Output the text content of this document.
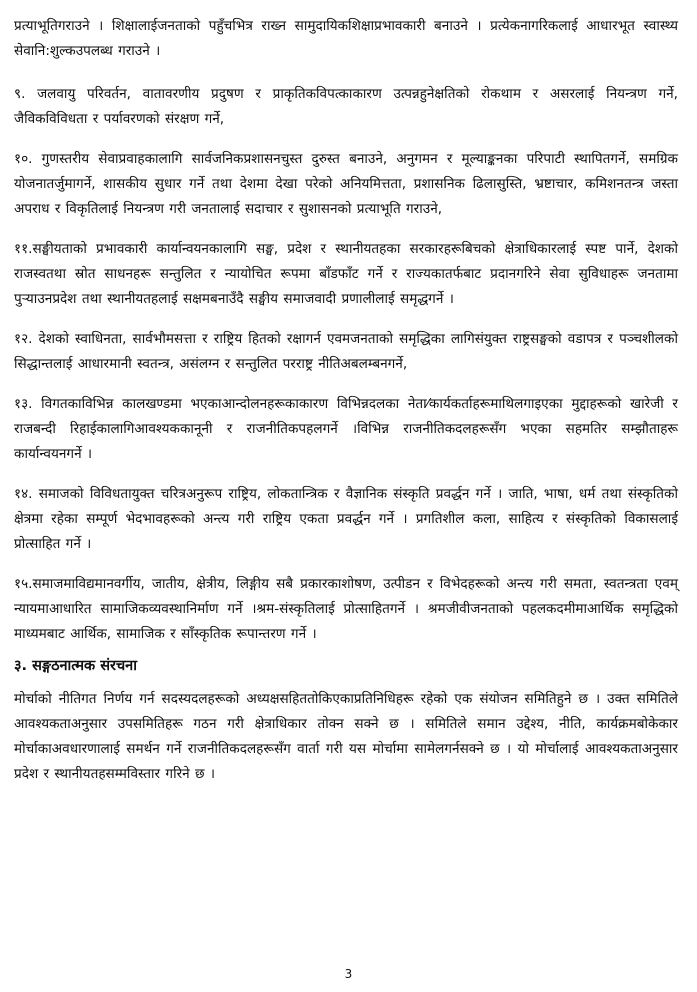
प्रत्याभूतिगराउने । शिक्षालाईजनताको पहुँचभित्र राख्न सामुदायिकशिक्षाप्रभावकारी बनाउने । प्रत्येकनागरिकलाई आधारभूत स्वास्थ्य सेवानि:शुल्कउपलब्ध गराउने ।

९. जलवायु परिवर्तन, वातावरणीय प्रदुषण र प्राकृतिकविपत्काकारण उत्पन्नहुनेक्षतिको रोकथाम र असरलाई नियन्त्रण गर्ने, जैविकविविधता र पर्यावरणको संरक्षण गर्ने,

१०. गुणस्तरीय सेवाप्रवाहकालागि सार्वजनिकप्रशासनचुस्त दुरुस्त बनाउने, अनुगमन र मूल्याङ्कनका परिपाटी स्थापितगर्ने, समग्रिक योजनातर्जुमागर्ने, शासकीय सुधार गर्ने तथा देशमा देखा परेको अनियमित्तता, प्रशासनिक ढिलासुस्ति, भ्रष्टाचार, कमिशनतन्त्र जस्ता अपराध र विकृतिलाई नियन्त्रण गरी जनतालाई सदाचार र सुशासनको प्रत्याभूति गराउने,

११.सङ्घीयताको प्रभावकारी कार्यान्वयनकालागि सङ्घ, प्रदेश र स्थानीयतहका सरकारहरूबिचको क्षेत्राधिकारलाई स्पष्ट पार्ने, देशको राजस्वतथा स्रोत साधनहरू सन्तुलित र न्यायोचित रूपमा बाँडफाँट गर्ने र राज्यकातर्फबाट प्रदानगरिने सेवा सुविधाहरू जनतामा पुर्‍याउनप्रदेश तथा स्थानीयतहलाई सक्षमबनाउँदै सङ्घीय समाजवादी प्रणालीलाई समृद्धगर्ने ।

१२. देशको स्वाधिनता, सार्वभौमसत्ता र राष्ट्रिय हितको रक्षागर्न एवमजनताको समृद्धिका लागिसंयुक्त राष्ट्रसङ्घको वडापत्र र पञ्चशीलको सिद्धान्तलाई आधारमानी स्वतन्त्र, असंलग्न र सन्तुलित परराष्ट्र नीतिअबलम्बनगर्ने,

१३. विगतकाविभिन्न कालखण्डमा भएकाआन्दोलनहरूकाकारण विभिन्नदलका नेता⁄कार्यकर्ताहरूमाथिलगाइएका मुद्दाहरूको खारेजी र राजबन्दी रिहाईकालागिआवश्यककानूनी र राजनीतिकपहलगर्ने ।विभिन्न राजनीतिकदलहरूसँग भएका सहमतिर सम्झौताहरू कार्यान्वयनगर्ने ।

१४. समाजको विविधतायुक्त चरित्रअनुरूप राष्ट्रिय, लोकतान्त्रिक र वैज्ञानिक संस्कृति प्रवर्द्धन गर्ने । जाति, भाषा, धर्म तथा संस्कृतिको क्षेत्रमा रहेका सम्पूर्ण भेदभावहरूको अन्त्य गरी राष्ट्रिय एकता प्रवर्द्धन गर्ने । प्रगतिशील कला, साहित्य र संस्कृतिको विकासलाई प्रोत्साहित गर्ने ।

१५.समाजमाविद्यमानवर्गीय, जातीय, क्षेत्रीय, लिङ्गीय सबै प्रकारकाशोषण, उत्पीडन र विभेदहरूको अन्त्य गरी समता, स्वतन्त्रता एवम् न्यायमाआधारित सामाजिकव्यवस्थानिर्माण गर्ने ।श्रम-संस्कृतिलाई प्रोत्साहितगर्ने । श्रमजीवीजनताको पहलकदमीमाआर्थिक समृद्धिको माध्यमबाट आर्थिक, सामाजिक र साँस्कृतिक रूपान्तरण गर्ने ।

३. सङ्गठनात्मक संरचना

मोर्चाको नीतिगत निर्णय गर्न सदस्यदलहरूको अध्यक्षसहिततोकिएकाप्रतिनिधिहरू रहेको एक संयोजन समितिहुने छ । उक्त समितिले आवश्यकताअनुसार उपसमितिहरू गठन गरी क्षेत्राधिकार तोक्न सक्ने छ । समितिले समान उद्देश्य, नीति, कार्यक्रमबोकेकार मोर्चाकाअवधारणालाई समर्थन गर्ने राजनीतिकदलहरूसँग वार्ता गरी यस मोर्चामा सामेलगर्नसक्ने छ । यो मोर्चालाई आवश्यकताअनुसार प्रदेश र स्थानीयतहसम्मविस्तार गरिने छ ।

3
